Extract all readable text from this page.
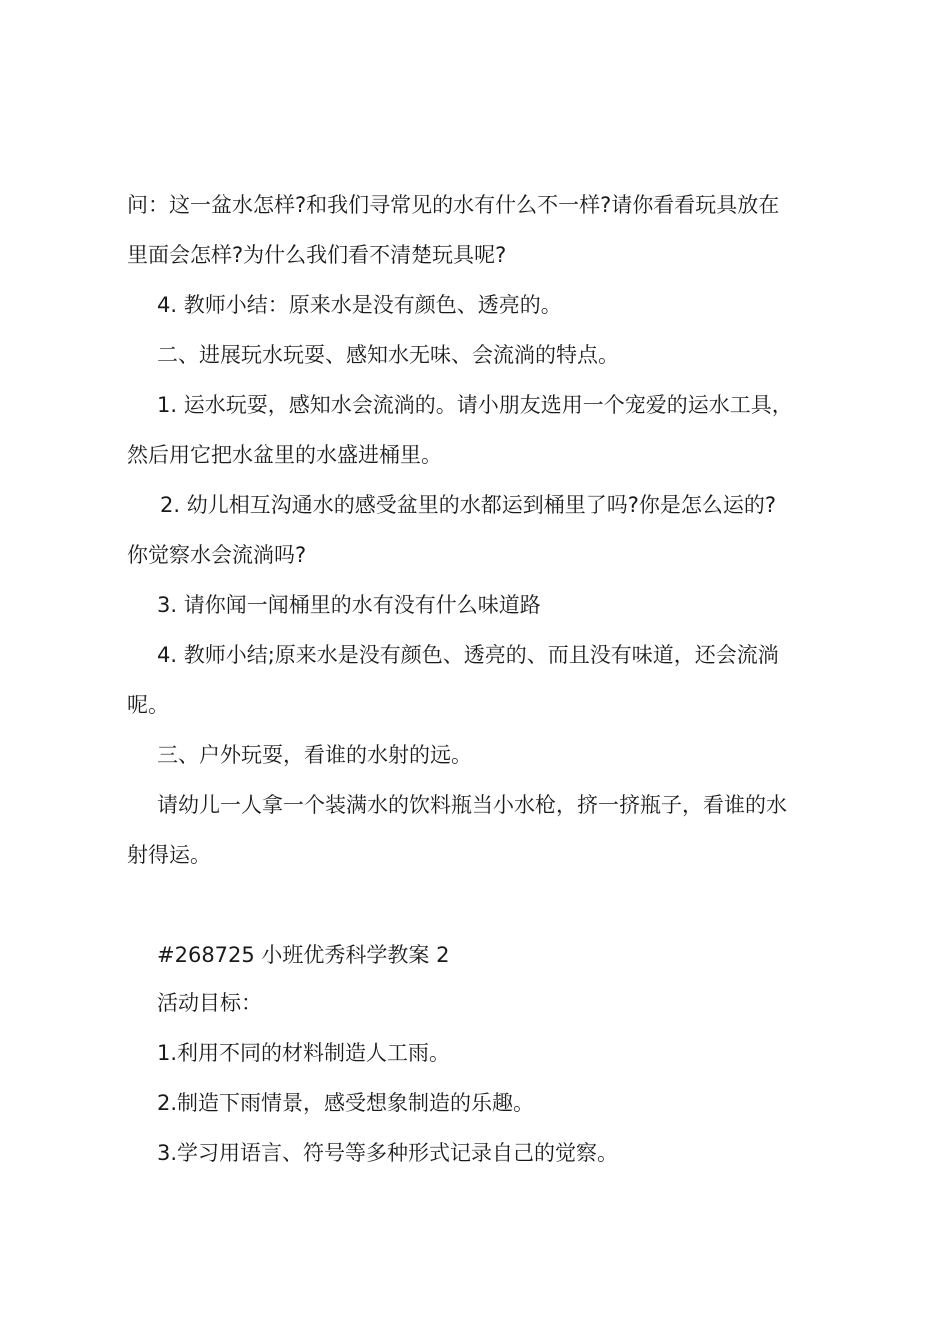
问：这一盆水怎样?和我们寻常见的水有什么不一样?请你看看玩具放在
里面会怎样?为什么我们看不清楚玩具呢?
4. 教师小结：原来水是没有颜色、透亮的。
二、进展玩水玩耍、感知水无味、会流淌的特点。
1. 运水玩耍，感知水会流淌的。请小朋友选用一个宠爱的运水工具，
然后用它把水盆里的水盛进桶里。
2. 幼儿相互沟通水的感受盆里的水都运到桶里了吗?你是怎么运的?
你觉察水会流淌吗?
3. 请你闻一闻桶里的水有没有什么味道路
4. 教师小结;原来水是没有颜色、透亮的、而且没有味道，还会流淌
呢。
三、户外玩耍，看谁的水射的远。
请幼儿一人拿一个装满水的饮料瓶当小水枪，挤一挤瓶子，看谁的水
射得运。
#268725 小班优秀科学教案 2
活动目标：
1.利用不同的材料制造人工雨。
2.制造下雨情景，感受想象制造的乐趣。
3.学习用语言、符号等多种形式记录自己的觉察。
